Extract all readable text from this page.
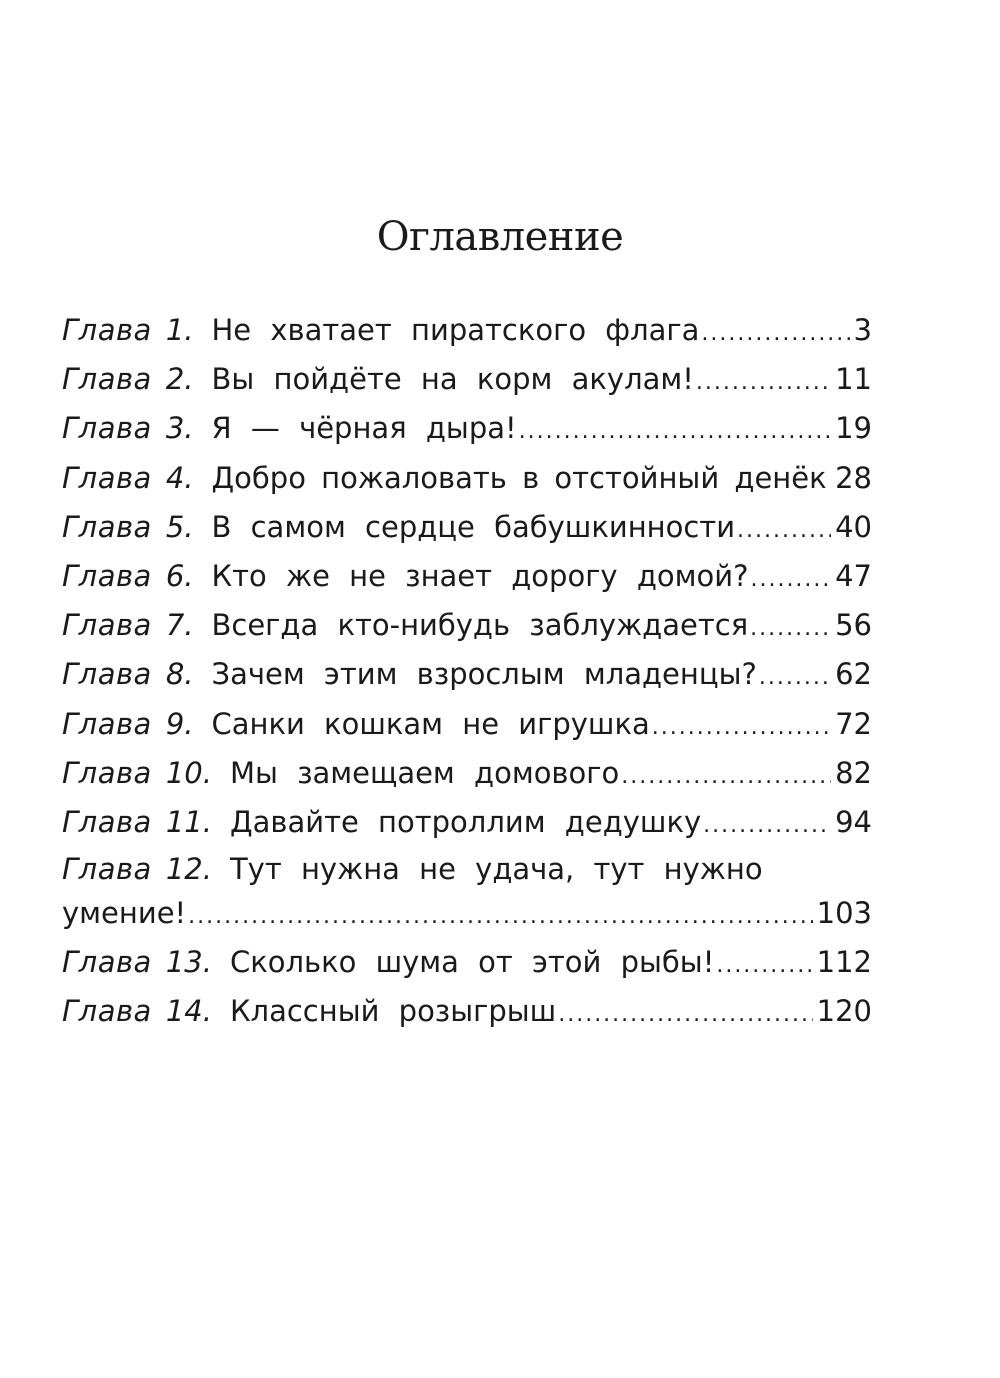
Оглавление
Глава 1. Не хватает пиратского флага .....	3
Глава 2. Вы пойдёте на корм акулам! .....	11
Глава 3. Я — чёрная дыра! .....	19
Глава 4. Добро пожаловать в отстойный денёк ..... 28
Глава 5. В самом сердце бабушкинности .....	40
Глава 6. Кто же не знает дорогу домой? .....	47
Глава 7. Всегда кто-нибудь заблуждается .....	56
Глава 8. Зачем этим взрослым младенцы? .....	62
Глава 9. Санки кошкам не игрушка .....	72
Глава 10. Мы замещаем домового .....	82
Глава 11. Давайте потроллим дедушку .....	94
Глава 12. Тут нужна не удача, тут нужно
умение! .....	103
Глава 13. Сколько шума от этой рыбы! .....	112
Глава 14. Классный розыгрыш .....	120
